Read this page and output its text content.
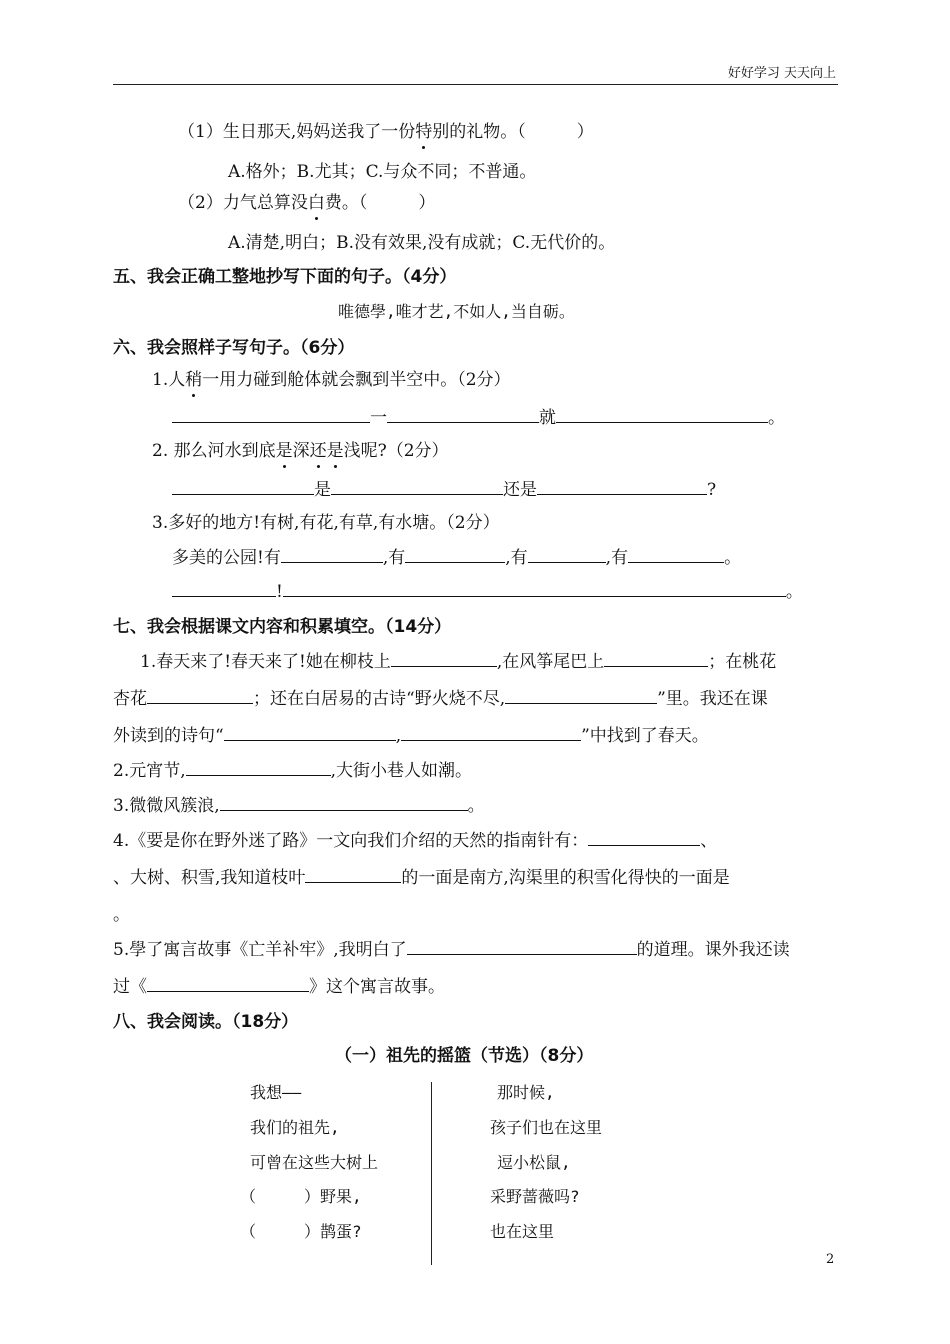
好好学习 天天向上
（1）生日那天,妈妈送我了一份特别的礼物。（　　　）
A.格外；B.尤其；C.与众不同；不普通。
（2）力气总算没白费。（　　　）
A.清楚,明白；B.没有效果,没有成就；C.无代价的。
五、我会正确工整地抄写下面的句子。（4分）
唯德學,唯才艺,不如人,当自砺。
六、我会照样子写句子。（6分）
1.人稍一用力碰到舱体就会飘到半空中。（2分）
一	就	。
2. 那么河水到底是深还是浅呢?（2分）
是	还是	?
3.多好的地方!有树,有花,有草,有水塘。（2分）
多美的公园!有	,有	,有	,有	。
!	。
七、我会根据课文内容和积累填空。（14分）
1.春天来了!春天来了!她在柳枝上	,在风筝尾巴上	；在桃花
杏花	；还在白居易的古诗“野火烧不尽,	”里。我还在课
外读到的诗句“	,	”中找到了春天。
2.元宵节,	,大街小巷人如潮。
3.微微风簇浪,	。
4.《要是你在野外迷了路》一文向我们介绍的天然的指南针有：	、
、大树、积雪,我知道枝叶	的一面是南方,沟渠里的积雪化得快的一面是
。
5.學了寓言故事《亡羊补牢》,我明白了	的道理。课外我还读
过《	》这个寓言故事。
八、我会阅读。（18分）
（一）祖先的摇篮（节选）（8分）
我想——
我们的祖先,
可曾在这些大树上
（　　　）野果,
（　　　）鹊蛋?
那时候,
孩子们也在这里
逗小松鼠,
采野蔷薇吗?
也在这里
2
